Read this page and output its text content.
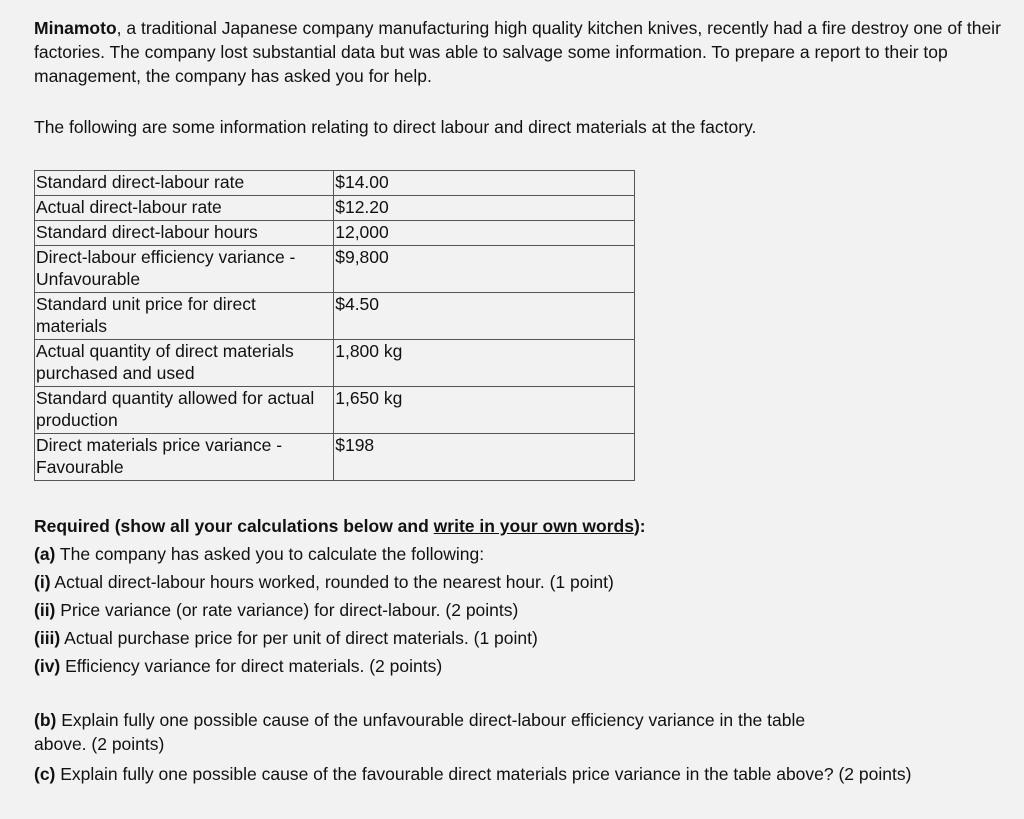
Minamoto, a traditional Japanese company manufacturing high quality kitchen knives, recently had a fire destroy one of their factories. The company lost substantial data but was able to salvage some information. To prepare a report to their top management, the company has asked you for help.

The following are some information relating to direct labour and direct materials at the factory.

Standard direct-labour rate	$14.00
Actual direct-labour rate	$12.20
Standard direct-labour hours	12,000
Direct-labour efficiency variance - Unfavourable	$9,800
Standard unit price for direct materials	$4.50
Actual quantity of direct materials purchased and used	1,800 kg
Standard quantity allowed for actual production	1,650 kg
Direct materials price variance - Favourable	$198

Required (show all your calculations below and write in your own words):

(a) The company has asked you to calculate the following:

(i) Actual direct-labour hours worked, rounded to the nearest hour. (1 point)

(ii) Price variance (or rate variance) for direct-labour. (2 points)

(iii) Actual purchase price for per unit of direct materials. (1 point)

(iv) Efficiency variance for direct materials. (2 points)

(b) Explain fully one possible cause of the unfavourable direct-labour efficiency variance in the table

above. (2 points)

(c) Explain fully one possible cause of the favourable direct materials price variance in the table above? (2 points)
